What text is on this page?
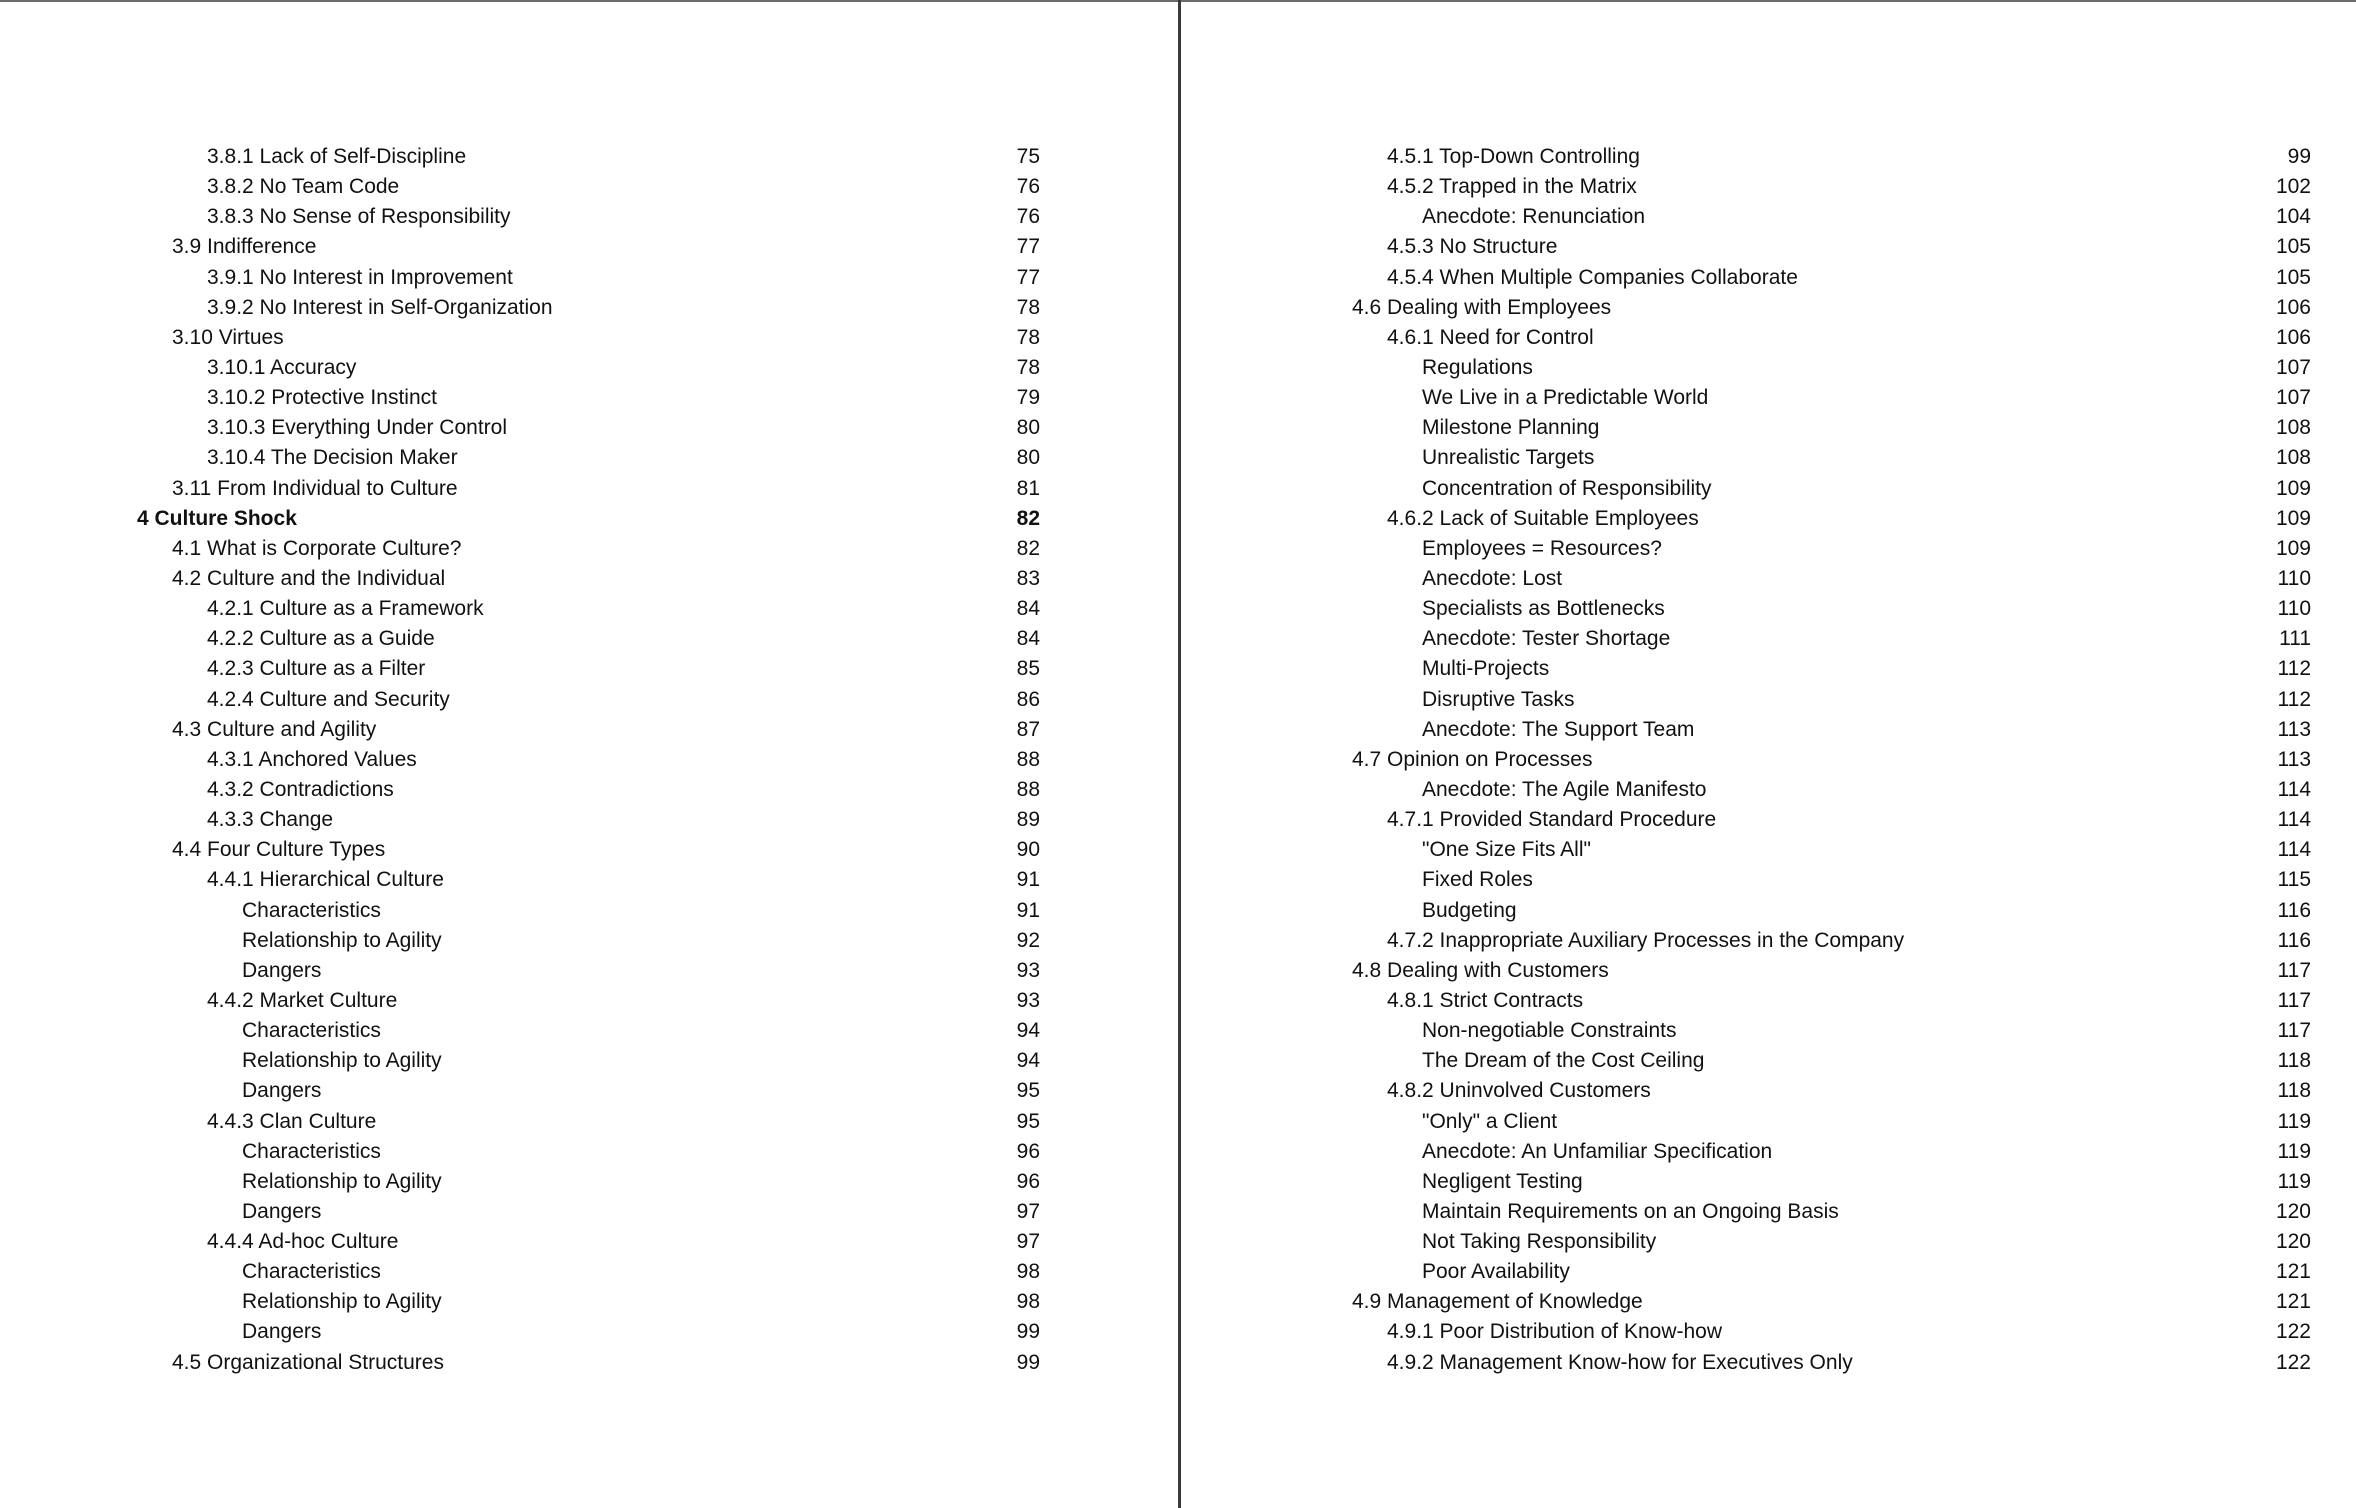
3.8.1 Lack of Self-Discipline	75
3.8.2 No Team Code	76
3.8.3 No Sense of Responsibility	76
3.9 Indifference	77
3.9.1 No Interest in Improvement	77
3.9.2 No Interest in Self-Organization	78
3.10 Virtues	78
3.10.1 Accuracy	78
3.10.2 Protective Instinct	79
3.10.3 Everything Under Control	80
3.10.4 The Decision Maker	80
3.11 From Individual to Culture	81
4 Culture Shock	82
4.1 What is Corporate Culture?	82
4.2 Culture and the Individual	83
4.2.1 Culture as a Framework	84
4.2.2 Culture as a Guide	84
4.2.3 Culture as a Filter	85
4.2.4 Culture and Security	86
4.3 Culture and Agility	87
4.3.1 Anchored Values	88
4.3.2 Contradictions	88
4.3.3 Change	89
4.4 Four Culture Types	90
4.4.1 Hierarchical Culture	91
Characteristics	91
Relationship to Agility	92
Dangers	93
4.4.2 Market Culture	93
Characteristics	94
Relationship to Agility	94
Dangers	95
4.4.3 Clan Culture	95
Characteristics	96
Relationship to Agility	96
Dangers	97
4.4.4 Ad-hoc Culture	97
Characteristics	98
Relationship to Agility	98
Dangers	99
4.5 Organizational Structures	99
4.5.1 Top-Down Controlling	99
4.5.2 Trapped in the Matrix	102
Anecdote: Renunciation	104
4.5.3 No Structure	105
4.5.4 When Multiple Companies Collaborate	105
4.6 Dealing with Employees	106
4.6.1 Need for Control	106
Regulations	107
We Live in a Predictable World	107
Milestone Planning	108
Unrealistic Targets	108
Concentration of Responsibility	109
4.6.2 Lack of Suitable Employees	109
Employees = Resources?	109
Anecdote: Lost	110
Specialists as Bottlenecks	110
Anecdote: Tester Shortage	111
Multi-Projects	112
Disruptive Tasks	112
Anecdote: The Support Team	113
4.7 Opinion on Processes	113
Anecdote: The Agile Manifesto	114
4.7.1 Provided Standard Procedure	114
"One Size Fits All"	114
Fixed Roles	115
Budgeting	116
4.7.2 Inappropriate Auxiliary Processes in the Company	116
4.8 Dealing with Customers	117
4.8.1 Strict Contracts	117
Non-negotiable Constraints	117
The Dream of the Cost Ceiling	118
4.8.2 Uninvolved Customers	118
"Only" a Client	119
Anecdote: An Unfamiliar Specification	119
Negligent Testing	119
Maintain Requirements on an Ongoing Basis	120
Not Taking Responsibility	120
Poor Availability	121
4.9 Management of Knowledge	121
4.9.1 Poor Distribution of Know-how	122
4.9.2 Management Know-how for Executives Only	122
